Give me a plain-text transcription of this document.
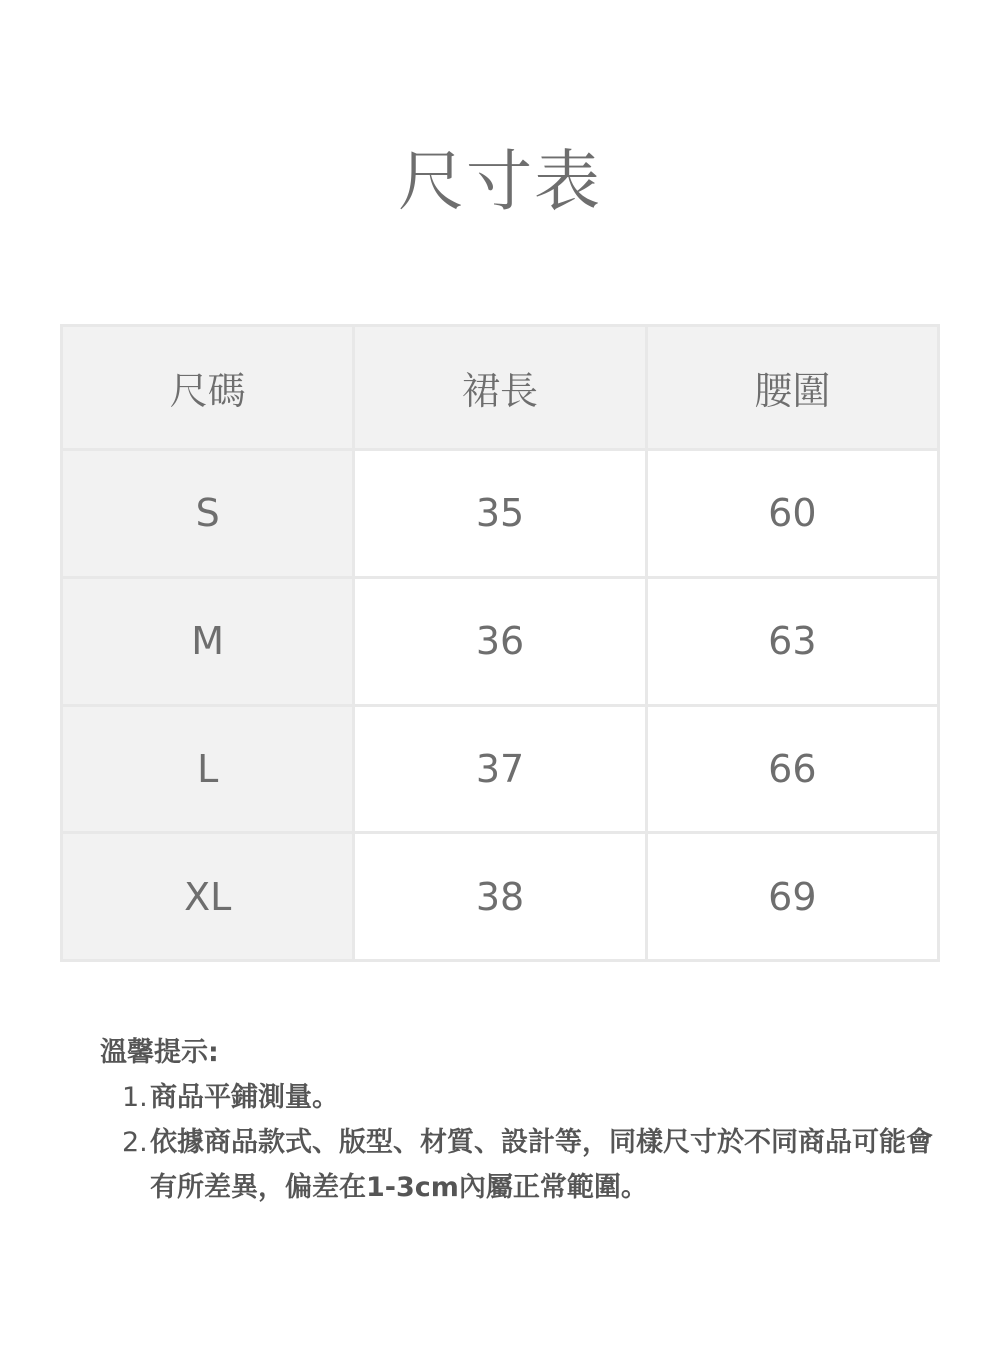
尺寸表
尺碼	裙長	腰圍
S	35	60
M	36	63
L	37	66
XL	38	69

溫馨提示:

1. 商品平鋪測量。
2. 依據商品款式、版型、材質、設計等，同樣尺寸於不同商品可能會有所差異，偏差在1-3cm內屬正常範圍。
